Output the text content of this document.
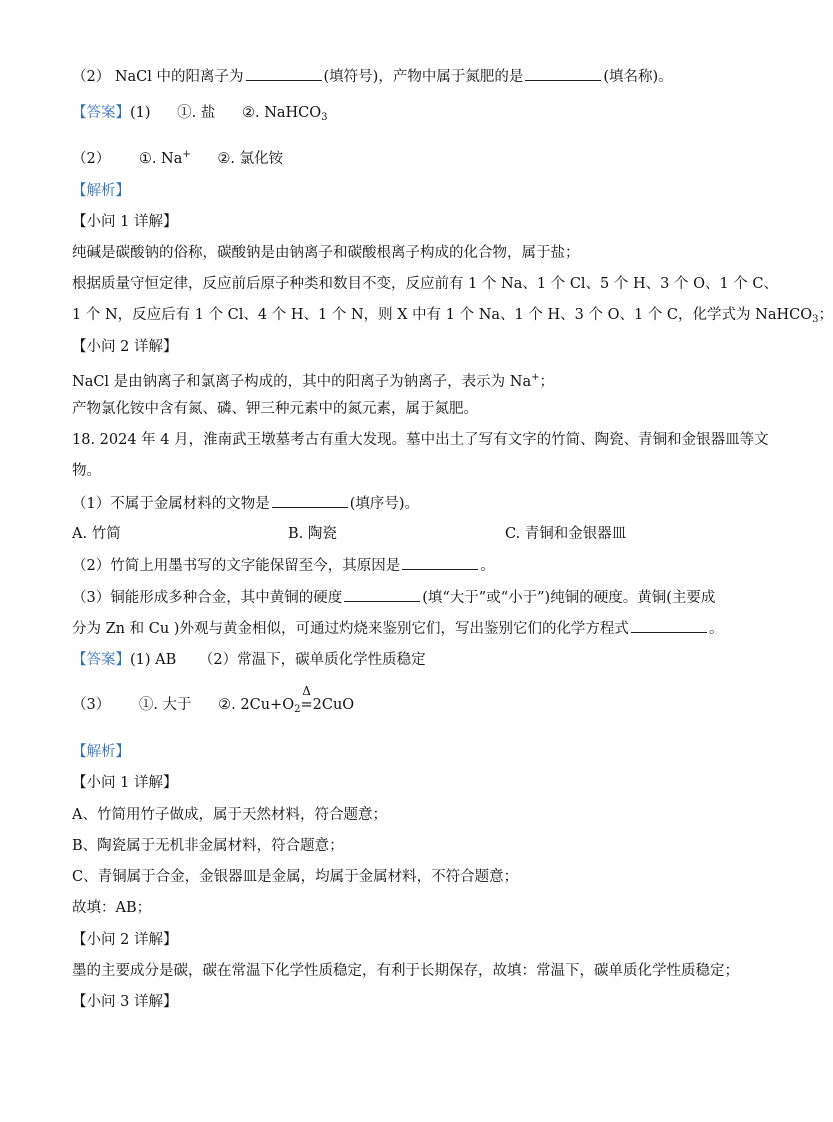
（2） NaCl 中的阳离子为	(填符号)，产物中属于氮肥的是	(填名称)。
【答案】(1) ①. 盐 ②. NaHCO$_3$
（2） ①. Na+ ②. 氯化铵
【解析】
【小问 1 详解】
纯碱是碳酸钠的俗称，碳酸钠是由钠离子和碳酸根离子构成的化合物，属于盐；
根据质量守恒定律，反应前后原子种类和数目不变，反应前有 1 个 Na、1 个 Cl、5 个 H、3 个 O、1 个 C、
1 个 N，反应后有 1 个 Cl、4 个 H、1 个 N，则 X 中有 1 个 Na、1 个 H、3 个 O、1 个 C，化学式为 NaHCO$_3$；
【小问 2 详解】
NaCl 是由钠离子和氯离子构成的，其中的阳离子为钠离子，表示为 Na+；
产物氯化铵中含有氮、磷、钾三种元素中的氮元素，属于氮肥。
18. 2024 年 4 月，淮南武王墩墓考古有重大发现。墓中出土了写有文字的竹简、陶瓷、青铜和金银器皿等文
物。
（1）不属于金属材料的文物是	(填序号)。
A. 竹简	B. 陶瓷	C. 青铜和金银器皿
（2）竹简上用墨书写的文字能保留至今，其原因是	。
（3）铜能形成多种合金，其中黄铜的硬度	(填“大于”或“小于”)纯铜的硬度。黄铜(主要成
分为 Zn 和 Cu )外观与黄金相似，可通过灼烧来鉴别它们，写出鉴别它们的化学方程式	。
【答案】(1) AB （2）常温下，碳单质化学性质稳定
（3） ①. 大于 ②. $2Cu+O_2$
Δ
=2CuO
【解析】
【小问 1 详解】
A、竹简用竹子做成，属于天然材料，符合题意；
B、陶瓷属于无机非金属材料，符合题意；
C、青铜属于合金，金银器皿是金属，均属于金属材料，不符合题意；
故填：AB；
【小问 2 详解】
墨的主要成分是碳，碳在常温下化学性质稳定，有利于长期保存，故填：常温下，碳单质化学性质稳定；
【小问 3 详解】
